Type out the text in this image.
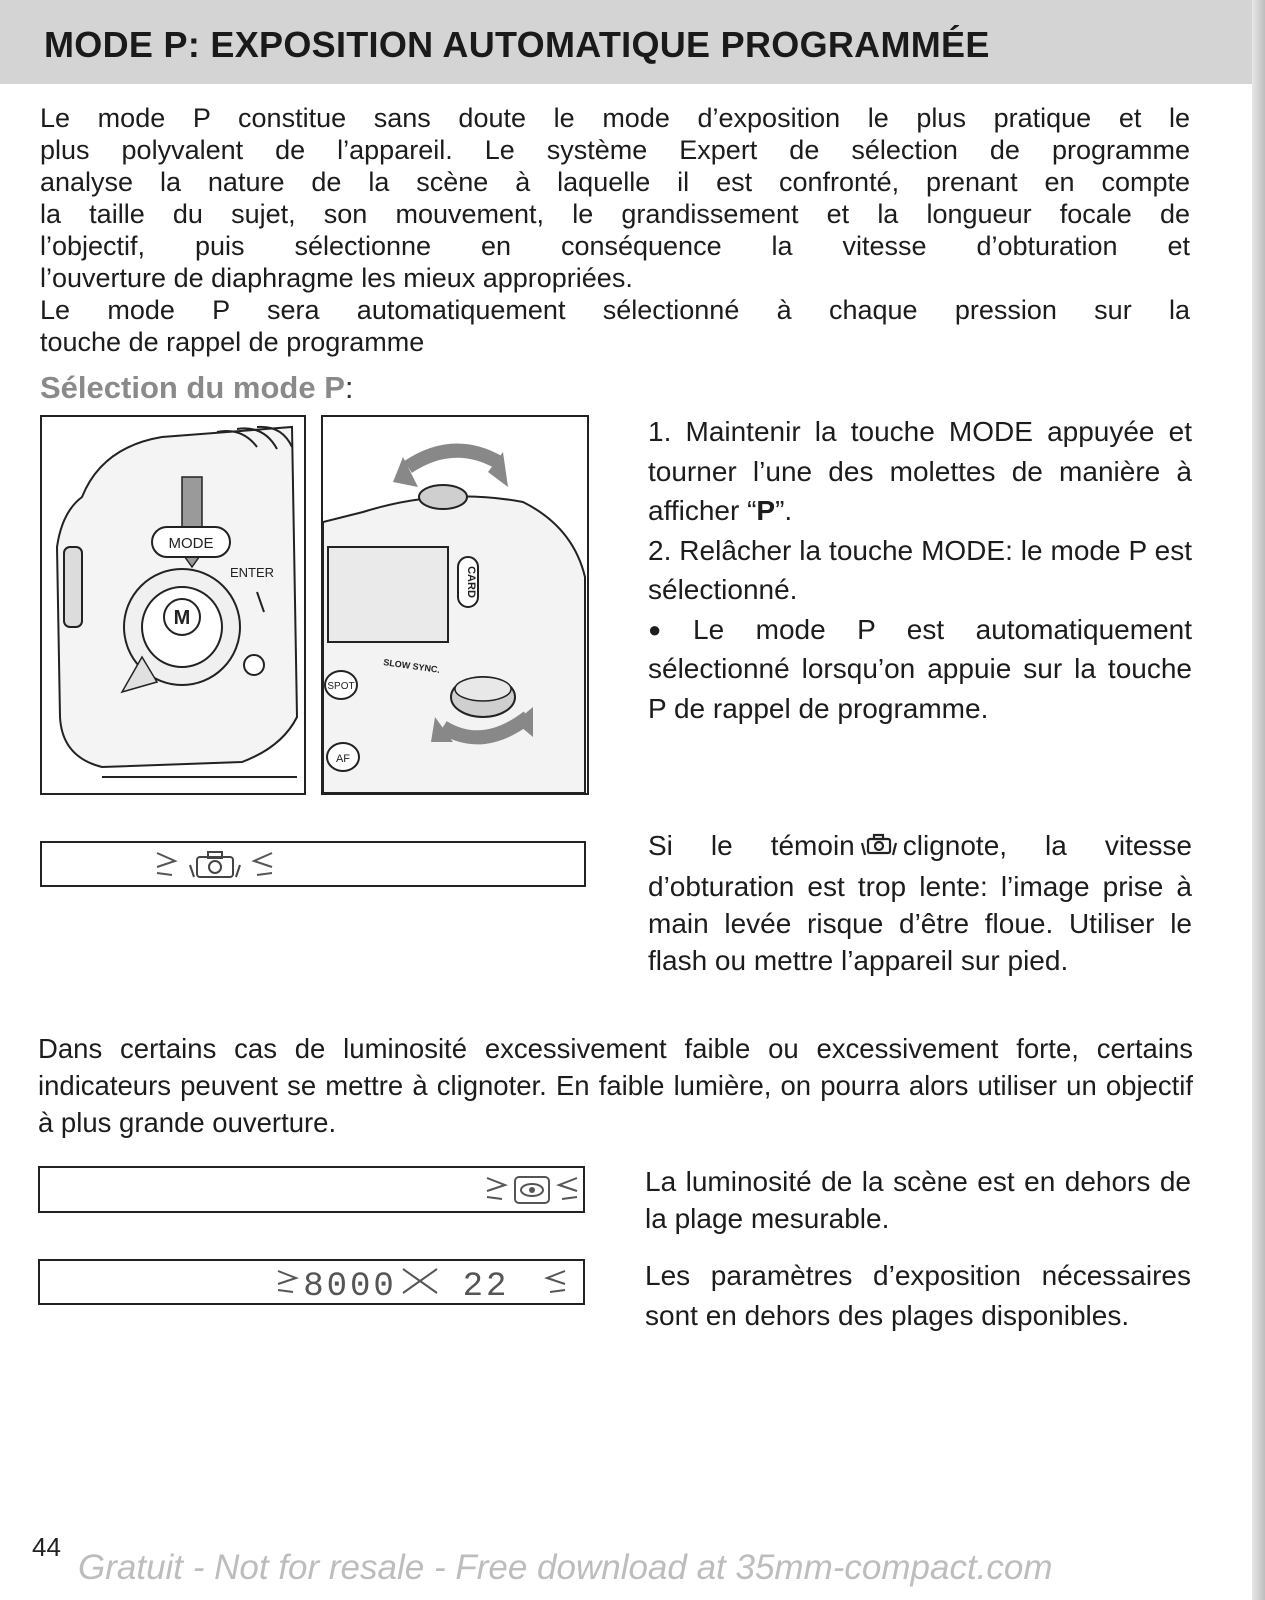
MODE P: EXPOSITION AUTOMATIQUE PROGRAMMÉE

Le mode P constitue sans doute le mode d’exposition le plus pratique et le

plus polyvalent de l’appareil. Le système Expert de sélection de programme

analyse la nature de la scène à laquelle il est confronté, prenant en compte

la taille du sujet, son mouvement, le grandissement et la longueur focale de

l’objectif, puis sélectionne en conséquence la vitesse d’obturation et

l’ouverture de diaphragme les mieux appropriées.

Le mode P sera automatiquement sélectionné à chaque pression sur la

touche de rappel de programme

Sélection du mode P:
MODE
ENTER
M
CARD
SLOW SYNC.
SPOT
AF

1. Maintenir la touche MODE appuyée et tourner l’une des molettes de manière à afficher “P”.

2. Relâcher la touche MODE: le mode P est sélectionné.

● Le mode P est automatiquement sélectionné lorsqu’on appuie sur la touche P de rappel de programme.

Si le témoin clignote, la vitesse d’obturation est trop lente: l’image prise à main levée risque d’être floue. Utiliser le flash ou mettre l’appareil sur pied.

Dans certains cas de luminosité excessivement faible ou excessivement forte, certains indicateurs peuvent se mettre à clignoter. En faible lumière, on pourra alors utiliser un objectif à plus grande ouverture.

La luminosité de la scène est en dehors de la plage mesurable.

8000 22	Les paramètres d’exposition nécessaires sont en dehors des plages disponibles.

44

Gratuit - Not for resale - Free download at 35mm-compact.com
